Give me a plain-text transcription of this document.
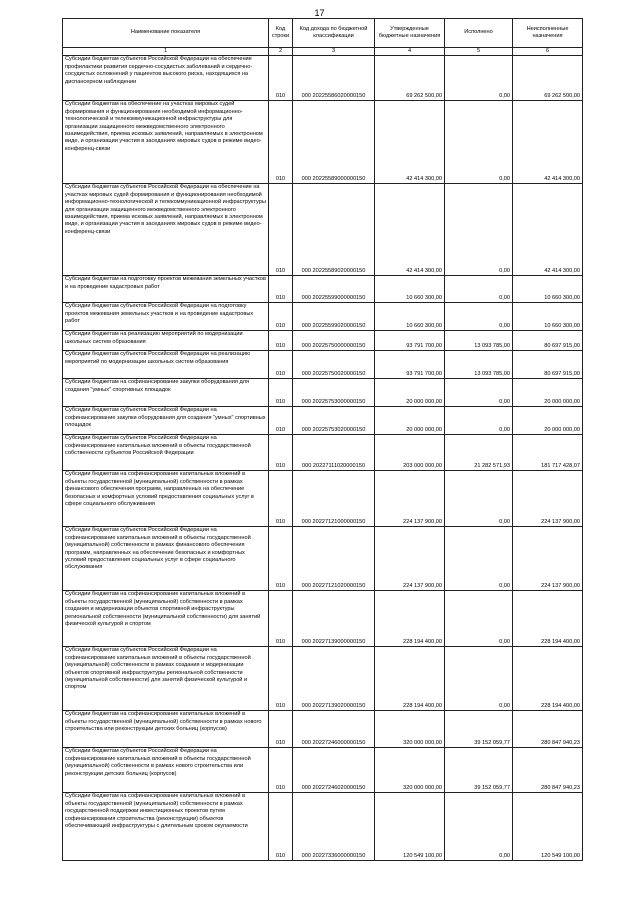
17
Наименование показателя	Код строки	Код дохода по бюджетной классификации	Утвержденные бюджетные назначения	Исполнено	Неисполненные назначения
1	2	3	4	5	6
Субсидии бюджетам субъектов Российской Федерации на обеспечение профилактики развития сердечно-сосудистых заболеваний и сердечно-сосудистых осложнений у пациентов высокого риска, находящихся на диспансерном наблюдении	010	000 20225586020000150	69 262 500,00	0,00	69 262 500,00
Субсидии бюджетам на обеспечение на участках мировых судей формирования и функционирования необходимой информационно-технологической и телекоммуникационной инфраструктуры для организации защищенного межведомственного электронного взаимодействия, приема исковых заявлений, направляемых в электронном виде, и организации участия в заседаниях мировых судов в режиме видео-конференц-связи	010	000 20225589000000150	42 414 300,00	0,00	42 414 300,00
Субсидии бюджетам субъектов Российской Федерации на обеспечение на участках мировых судей формирования и функционирования необходимой информационно-технологической и телекоммуникационной инфраструктуры для организации защищенного межведомственного электронного взаимодействия, приема исковых заявлений, направляемых в электронном виде, и организации участия в заседаниях мировых судов в режиме видео-конференц-связи	010	000 20225589020000150	42 414 300,00	0,00	42 414 300,00
Субсидии бюджетам на подготовку проектов межевания земельных участков и на проведение кадастровых работ	010	000 20225599000000150	10 660 300,00	0,00	10 660 300,00
Субсидии бюджетам субъектов Российской Федерации на подготовку проектов межевания земельных участков и на проведение кадастровых работ	010	000 20225599020000150	10 660 300,00	0,00	10 660 300,00
Субсидии бюджетам на реализацию мероприятий по модернизации школьных систем образования	010	000 20225750000000150	93 791 700,00	13 093 785,00	80 697 915,00
Субсидии бюджетам субъектов Российской Федерации на реализацию мероприятий по модернизации школьных систем образования	010	000 20225750020000150	93 791 700,00	13 093 785,00	80 697 915,00
Субсидии бюджетам на софинансирование закупки оборудования для создания "умных" спортивных площадок	010	000 20225753000000150	20 000 000,00	0,00	20 000 000,00
Субсидии бюджетам субъектов Российской Федерации на софинансирование закупки оборудования для создания "умных" спортивных площадок	010	000 20225753020000150	20 000 000,00	0,00	20 000 000,00
Субсидии бюджетам субъектов Российской Федерации на софинансирование капитальных вложений в объекты государственной собственности субъектов Российской Федерации	010	000 20227111020000150	203 000 000,00	21 282 571,93	181 717 428,07
Субсидии бюджетам на софинансирование капитальных вложений в объекты государственной (муниципальной) собственности в рамках финансового обеспечения программ, направленных на обеспечение безопасных и комфортных условий предоставления социальных услуг в сфере социального обслуживания	010	000 20227121000000150	224 137 900,00	0,00	224 137 900,00
Субсидии бюджетам субъектов Российской Федерации на софинансирование капитальных вложений в объекты государственной (муниципальной) собственности в рамках финансового обеспечения программ, направленных на обеспечение безопасных и комфортных условий предоставления социальных услуг в сфере социального обслуживания	010	000 20227121020000150	224 137 900,00	0,00	224 137 900,00
Субсидии бюджетам на софинансирование капитальных вложений в объекты государственной (муниципальной) собственности в рамках создания и модернизации объектов спортивной инфраструктуры региональной собственности (муниципальной собственности) для занятий физической культурой и спортом	010	000 20227139000000150	228 194 400,00	0,00	228 194 400,00
Субсидии бюджетам субъектов Российской Федерации на софинансирование капитальных вложений в объекты государственной (муниципальной) собственности в рамках создания и модернизации объектов спортивной инфраструктуры региональной собственности (муниципальной собственности) для занятий физической культурой и спортом	010	000 20227139020000150	228 194 400,00	0,00	228 194 400,00
Субсидии бюджетам на софинансирование капитальных вложений в объекты государственной (муниципальной) собственности в рамках нового строительства или реконструкции детских больниц (корпусов)	010	000 20227246000000150	320 000 000,00	39 152 059,77	280 847 940,23
Субсидии бюджетам субъектов Российской Федерации на софинансирование капитальных вложений в объекты государственной (муниципальной) собственности в рамках нового строительства или реконструкции детских больниц (корпусов)	010	000 20227246020000150	320 000 000,00	39 152 059,77	280 847 940,23
Субсидии бюджетам на софинансирование капитальных вложений в объекты государственной (муниципальной) собственности в рамках государственной поддержки инвестиционных проектов путем софинансирования строительства (реконструкции) объектов обеспечивающей инфраструктуры с длительным сроком окупаемости	010	000 20227336000000150	120 549 100,00	0,00	120 549 100,00
